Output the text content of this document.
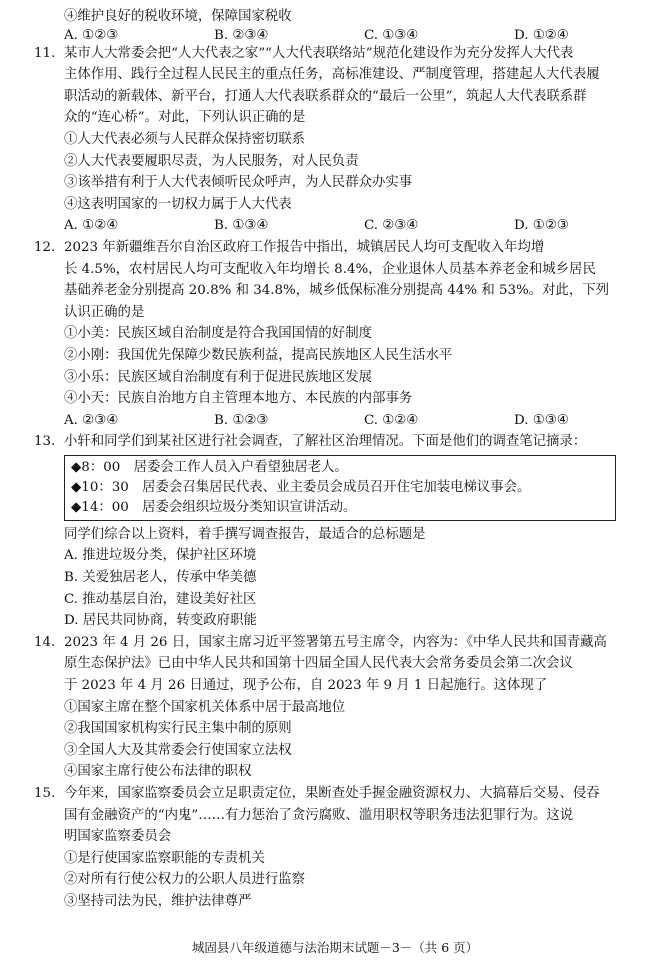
④维护良好的税收环境，保障国家税收
A. ①②③	B. ②③④	C. ①③④	D. ①②④
11. 某市人大常委会把“人大代表之家”“人大代表联络站”规范化建设作为充分发挥人大代表
主体作用、践行全过程人民民主的重点任务，高标准建设、严制度管理，搭建起人大代表履
职活动的新载体、新平台，打通人大代表联系群众的“最后一公里”，筑起人大代表联系群
众的“连心桥”。对此，下列认识正确的是
①人大代表必须与人民群众保持密切联系
②人大代表要履职尽责，为人民服务，对人民负责
③该举措有利于人大代表倾听民众呼声，为人民群众办实事
④这表明国家的一切权力属于人大代表
A. ①②④	B. ①③④	C. ②③④	D. ①②③
12. 2023 年新疆维吾尔自治区政府工作报告中指出，城镇居民人均可支配收入年均增
长 4.5%，农村居民人均可支配收入年均增长 8.4%，企业退休人员基本养老金和城乡居民
基础养老金分别提高 20.8% 和 34.8%，城乡低保标准分别提高 44% 和 53%。对此，下列
认识正确的是
①小美：民族区域自治制度是符合我国国情的好制度
②小刚：我国优先保障少数民族利益，提高民族地区人民生活水平
③小乐：民族区域自治制度有利于促进民族地区发展
④小天：民族自治地方自主管理本地方、本民族的内部事务
A. ②③④	B. ①②③	C. ①②④	D. ①③④
13. 小轩和同学们到某社区进行社会调查，了解社区治理情况。下面是他们的调查笔记摘录：
◆8：00　居委会工作人员入户看望独居老人。
◆10：30　居委会召集居民代表、业主委员会成员召开住宅加装电梯议事会。
◆14：00　居委会组织垃圾分类知识宣讲活动。
同学们综合以上资料，着手撰写调查报告，最适合的总标题是
A. 推进垃圾分类，保护社区环境
B. 关爱独居老人，传承中华美德
C. 推动基层自治，建设美好社区
D. 居民共同协商，转变政府职能
14. 2023 年 4 月 26 日，国家主席习近平签署第五号主席令，内容为：《中华人民共和国青藏高
原生态保护法》已由中华人民共和国第十四届全国人民代表大会常务委员会第二次会议
于 2023 年 4 月 26 日通过，现予公布，自 2023 年 9 月 1 日起施行。这体现了
①国家主席在整个国家机关体系中居于最高地位
②我国国家机构实行民主集中制的原则
③全国人大及其常委会行使国家立法权
④国家主席行使公布法律的职权
15. 今年来，国家监察委员会立足职责定位，果断查处手握金融资源权力、大搞幕后交易、侵吞
国有金融资产的“内鬼”……有力惩治了贪污腐败、滥用职权等职务违法犯罪行为。这说
明国家监察委员会
①是行使国家监察职能的专责机关
②对所有行使公权力的公职人员进行监察
③坚持司法为民，维护法律尊严
城固县八年级道德与法治期末试题－3－（共 6 页）
